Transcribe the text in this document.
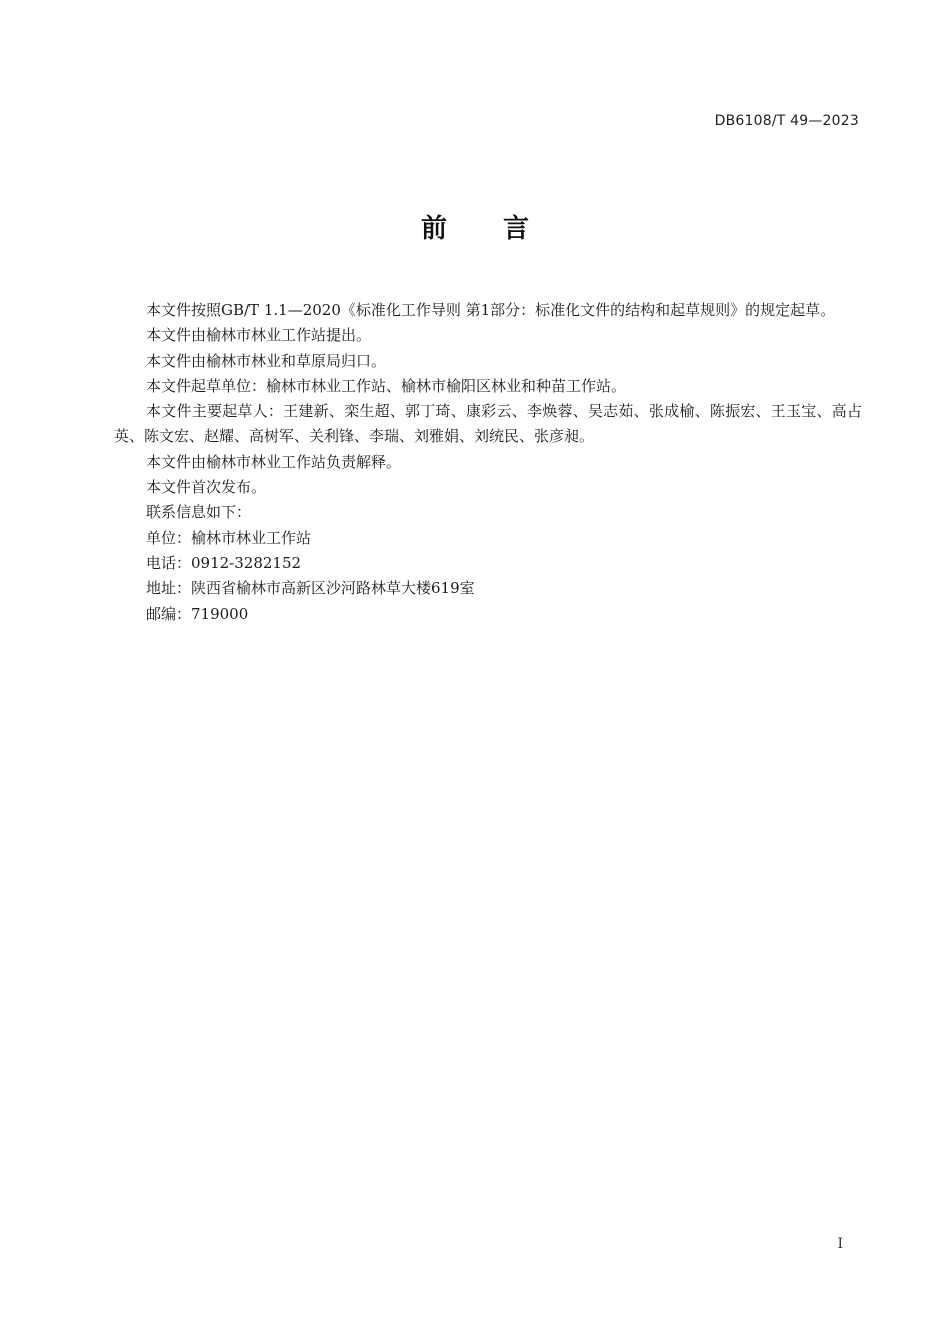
DB6108/T 49—2023
前 言

本文件按照GB/T 1.1—2020《标准化工作导则 第1部分：标准化文件的结构和起草规则》的规定起草。

本文件由榆林市林业工作站提出。

本文件由榆林市林业和草原局归口。

本文件起草单位：榆林市林业工作站、榆林市榆阳区林业和种苗工作站。

本文件主要起草人：王建新、栾生超、郭丁琦、康彩云、李焕蓉、吴志茹、张成榆、陈振宏、王玉宝、高占英、陈文宏、赵耀、高树军、关利锋、李瑞、刘雅娟、刘统民、张彦昶。

本文件由榆林市林业工作站负责解释。

本文件首次发布。

联系信息如下：

单位：榆林市林业工作站

电话：0912-3282152

地址：陕西省榆林市高新区沙河路林草大楼619室

邮编：719000

I
